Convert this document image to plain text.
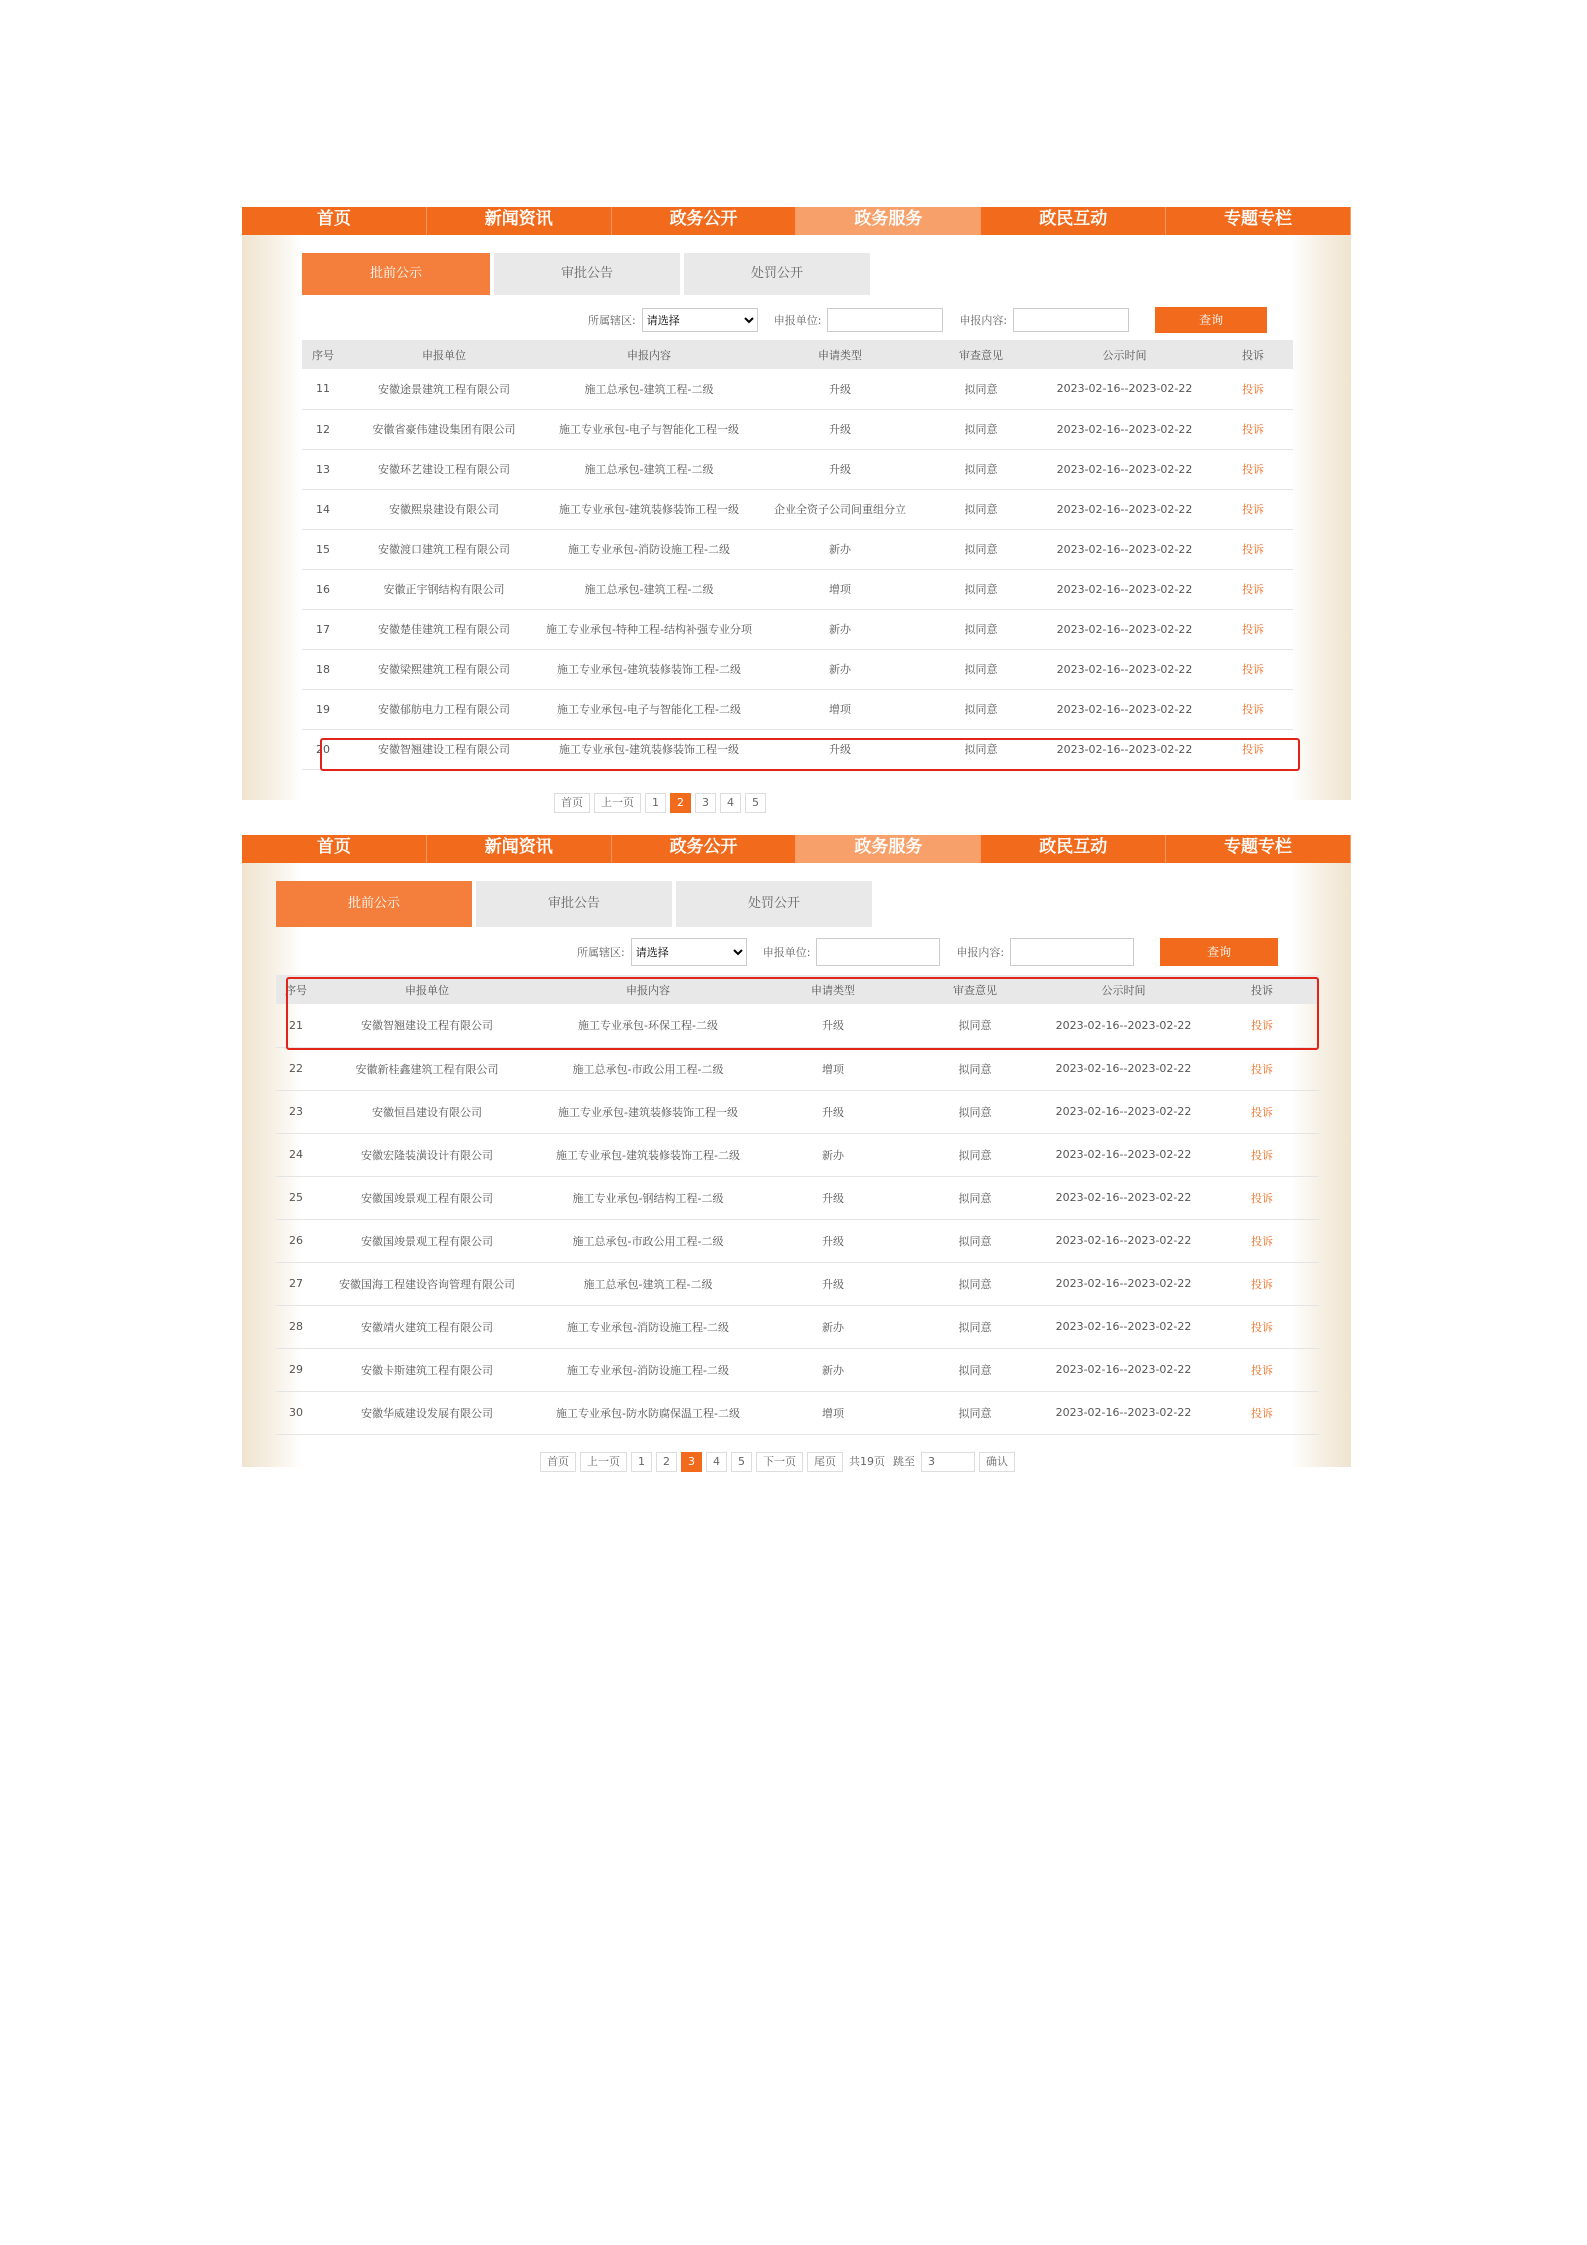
首页	新闻资讯	政务公开	政务服务	政民互动	专题专栏
批前公示	审批公告	处罚公开
所属辖区:
请选择	申报单位:	申报内容:	查询
序号	申报单位	申报内容	申请类型	审查意见	公示时间	投诉
11	安徽途景建筑工程有限公司	施工总承包-建筑工程-二级	升级	拟同意	2023-02-16--2023-02-22	投诉
12	安徽省豪伟建设集团有限公司	施工专业承包-电子与智能化工程一级	升级	拟同意	2023-02-16--2023-02-22	投诉
13	安徽环艺建设工程有限公司	施工总承包-建筑工程-二级	升级	拟同意	2023-02-16--2023-02-22	投诉
14	安徽熙泉建设有限公司	施工专业承包-建筑装修装饰工程一级	企业全资子公司间重组分立	拟同意	2023-02-16--2023-02-22	投诉
15	安徽渡口建筑工程有限公司	施工专业承包-消防设施工程-二级	新办	拟同意	2023-02-16--2023-02-22	投诉
16	安徽正宇钢结构有限公司	施工总承包-建筑工程-二级	增项	拟同意	2023-02-16--2023-02-22	投诉
17	安徽楚佳建筑工程有限公司	施工专业承包-特种工程-结构补强专业分项	新办	拟同意	2023-02-16--2023-02-22	投诉
18	安徽梁熙建筑工程有限公司	施工专业承包-建筑装修装饰工程-二级	新办	拟同意	2023-02-16--2023-02-22	投诉
19	安徽郁舫电力工程有限公司	施工专业承包-电子与智能化工程-二级	增项	拟同意	2023-02-16--2023-02-22	投诉
20	安徽智翘建设工程有限公司	施工专业承包-建筑装修装饰工程一级	升级	拟同意	2023-02-16--2023-02-22	投诉
首页	上一页	1	2	3	4	5
首页	新闻资讯	政务公开	政务服务	政民互动	专题专栏
批前公示	审批公告	处罚公开
所属辖区:
请选择	申报单位:	申报内容:	查询
序号	申报单位	申报内容	申请类型	审查意见	公示时间	投诉
21	安徽智翘建设工程有限公司	施工专业承包-环保工程-二级	升级	拟同意	2023-02-16--2023-02-22	投诉
22	安徽新桂鑫建筑工程有限公司	施工总承包-市政公用工程-二级	增项	拟同意	2023-02-16--2023-02-22	投诉
23	安徽恒昌建设有限公司	施工专业承包-建筑装修装饰工程一级	升级	拟同意	2023-02-16--2023-02-22	投诉
24	安徽宏隆装潢设计有限公司	施工专业承包-建筑装修装饰工程-二级	新办	拟同意	2023-02-16--2023-02-22	投诉
25	安徽国竣景观工程有限公司	施工专业承包-钢结构工程-二级	升级	拟同意	2023-02-16--2023-02-22	投诉
26	安徽国竣景观工程有限公司	施工总承包-市政公用工程-二级	升级	拟同意	2023-02-16--2023-02-22	投诉
27	安徽国海工程建设咨询管理有限公司	施工总承包-建筑工程-二级	升级	拟同意	2023-02-16--2023-02-22	投诉
28	安徽靖火建筑工程有限公司	施工专业承包-消防设施工程-二级	新办	拟同意	2023-02-16--2023-02-22	投诉
29	安徽卡斯建筑工程有限公司	施工专业承包-消防设施工程-二级	新办	拟同意	2023-02-16--2023-02-22	投诉
30	安徽华威建设发展有限公司	施工专业承包-防水防腐保温工程-二级	增项	拟同意	2023-02-16--2023-02-22	投诉
首页	上一页	1	2	3	4	5	下一页	尾页	共19页 跳至	3	确认
